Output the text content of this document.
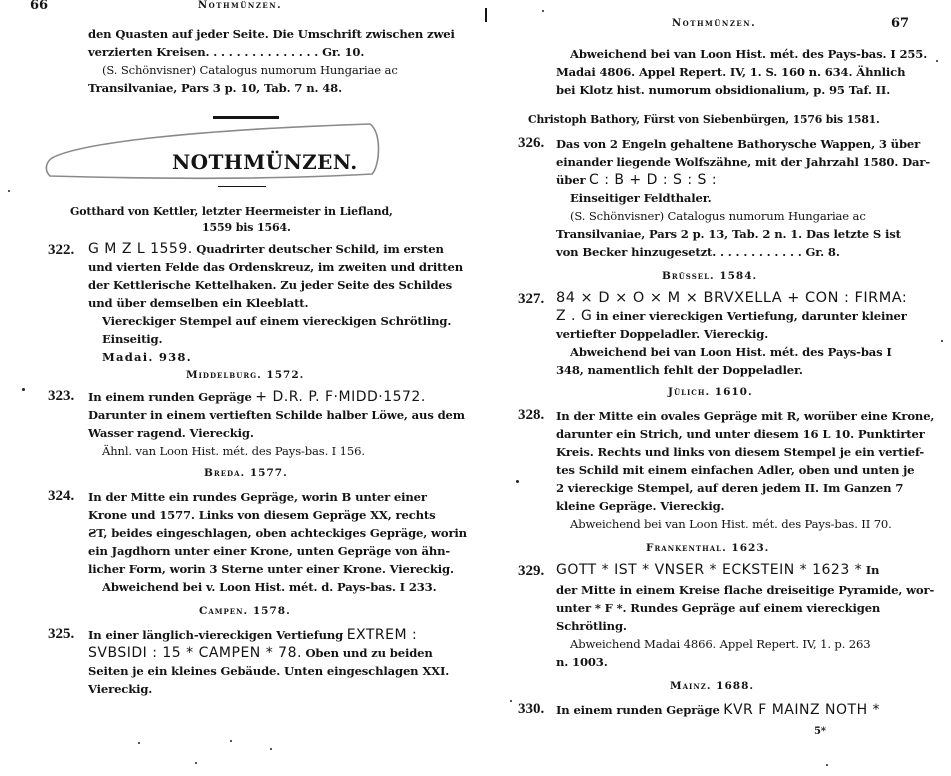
66	Nothmünzen.
den Quasten auf jeder Seite. Die Umschrift zwischen zwei
verzierten Kreisen. . . . . . . . . . . . . . . Gr. 10.
(S. Schönvisner) Catalogus numorum Hungariae ac
Transilvaniae, Pars 3 p. 10, Tab. 7 n. 48.
NOTHMÜNZEN.
Gotthard von Kettler, letzter Heermeister in Liefland,
1559 bis 1564.
322. G M Z L 1559. Quadrirter deutscher Schild, im ersten
und vierten Felde das Ordenskreuz, im zweiten und dritten
der Kettlerische Kettelhaken. Zu jeder Seite des Schildes
und über demselben ein Kleeblatt.
Viereckiger Stempel auf einem viereckigen Schrötling.
Einseitig.
Madai. 938.
Middelburg. 1572.
323. In einem runden Gepräge + D.R. P. F·MIDD·1572.
Darunter in einem vertieften Schilde halber Löwe, aus dem
Wasser ragend. Viereckig.
Ähnl. van Loon Hist. mét. des Pays-bas. I 156.
Breda. 1577.
324. In der Mitte ein rundes Gepräge, worin B unter einer
Krone und 1577. Links von diesem Gepräge XX, rechts
ƧT, beides eingeschlagen, oben achteckiges Gepräge, worin
ein Jagdhorn unter einer Krone, unten Gepräge von ähn-
licher Form, worin 3 Sterne unter einer Krone. Viereckig.
Abweichend bei v. Loon Hist. mét. d. Pays-bas. I 233.
Campen. 1578.
325. In einer länglich-viereckigen Vertiefung EXTREM :
SVBSIDI : 15 * CAMPEN * 78. Oben und zu beiden
Seiten je ein kleines Gebäude. Unten eingeschlagen XXI.
Viereckig.
Nothmünzen.	67
Abweichend bei van Loon Hist. mét. des Pays-bas. I 255.
Madai 4806. Appel Repert. IV, 1. S. 160 n. 634. Ähnlich
bei Klotz hist. numorum obsidionalium, p. 95 Taf. II.
Christoph Bathory, Fürst von Siebenbürgen, 1576 bis 1581.
326. Das von 2 Engeln gehaltene Bathorysche Wappen, 3 über
einander liegende Wolfszähne, mit der Jahrzahl 1580. Dar-
über C : B + D : S : S :
Einseitiger Feldthaler.
(S. Schönvisner) Catalogus numorum Hungariae ac
Transilvaniae, Pars 2 p. 13, Tab. 2 n. 1. Das letzte S ist
von Becker hinzugesetzt. . . . . . . . . . . . Gr. 8.
Brüssel. 1584.
327. 84 × D × O × M × BRVXELLA + CON : FIRMA:
Z . G in einer viereckigen Vertiefung, darunter kleiner
vertiefter Doppeladler. Viereckig.
Abweichend bei van Loon Hist. mét. des Pays-bas I
348, namentlich fehlt der Doppeladler.
Jülich. 1610.
328. In der Mitte ein ovales Gepräge mit R, worüber eine Krone,
darunter ein Strich, und unter diesem 16 L 10. Punktirter
Kreis. Rechts und links von diesem Stempel je ein vertief-
tes Schild mit einem einfachen Adler, oben und unten je
2 viereckige Stempel, auf deren jedem II. Im Ganzen 7
kleine Gepräge. Viereckig.
Abweichend bei van Loon Hist. mét. des Pays-bas. II 70.
Frankenthal. 1623.
329. GOTT * IST * VNSER * ECKSTEIN * 1623 * In
der Mitte in einem Kreise flache dreiseitige Pyramide, wor-
unter * F *. Rundes Gepräge auf einem viereckigen
Schrötling.
Abweichend Madai 4866. Appel Repert. IV, 1. p. 263
n. 1003.
Mainz. 1688.
330. In einem runden Gepräge KVR F MAINZ NOTH *
5*
